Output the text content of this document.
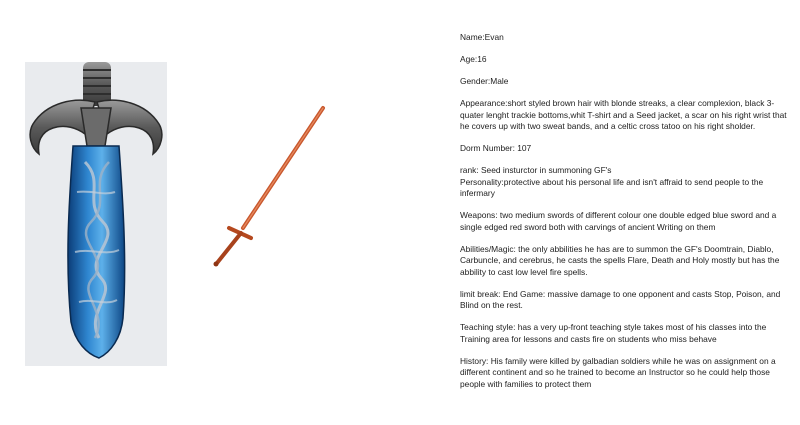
Name:Evan

Age:16

Gender:Male

Appearance:short styled brown hair with blonde streaks, a clear complexion, black 3-quater lenght trackie bottoms,whit T-shirt and a Seed jacket, a scar on his right wrist that he covers up with two sweat bands, and a celtic cross tatoo on his right sholder.

Dorm Number: 107

rank: Seed insturctor in summoning GF's

Personality:protective about his personal life and isn't affraid to send people to the infermary

Weapons: two medium swords of different colour one double edged blue sword and a single edged red sword both with carvings of ancient Writing on them

Abilities/Magic: the only abbilities he has are to summon the GF's Doomtrain, Diablo, Carbuncle, and cerebrus, he casts the spells Flare, Death and Holy mostly but has the abbility to cast low level fire spells.

limit break: End Game: massive damage to one opponent and casts Stop, Poison, and Blind on the rest.

Teaching style: has a very up-front teaching style takes most of his classes into the Training area for lessons and casts fire on students who miss behave

History: His family were killed by galbadian soldiers while he was on assignment on a different continent and so he trained to become an Instructor so he could help those people with families to protect them
